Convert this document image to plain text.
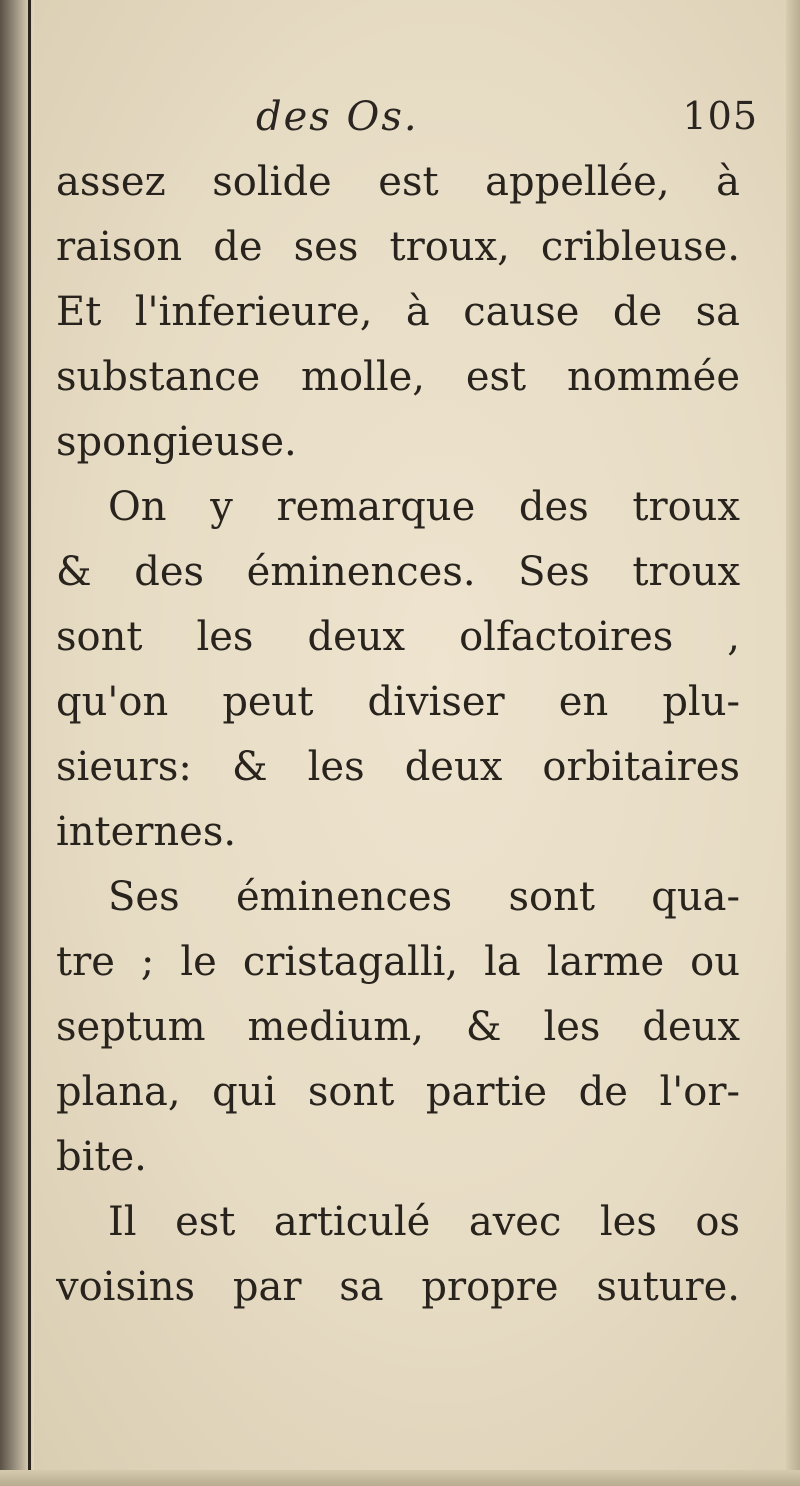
des Os.	105
assez solide est appellée, à
raison de ses troux, cribleuse.
Et l'inferieure, à cause de sa
substance molle, est nommée
spongieuse.
On y remarque des troux
& des éminences. Ses troux
sont les deux olfactoires ,
qu'on peut diviser en plu-
sieurs: & les deux orbitaires
internes.
Ses éminences sont qua-
tre ; le cristagalli, la larme ou
septum medium, & les deux
plana, qui sont partie de l'or-
bite.
Il est articulé avec les os
voisins par sa propre suture.
